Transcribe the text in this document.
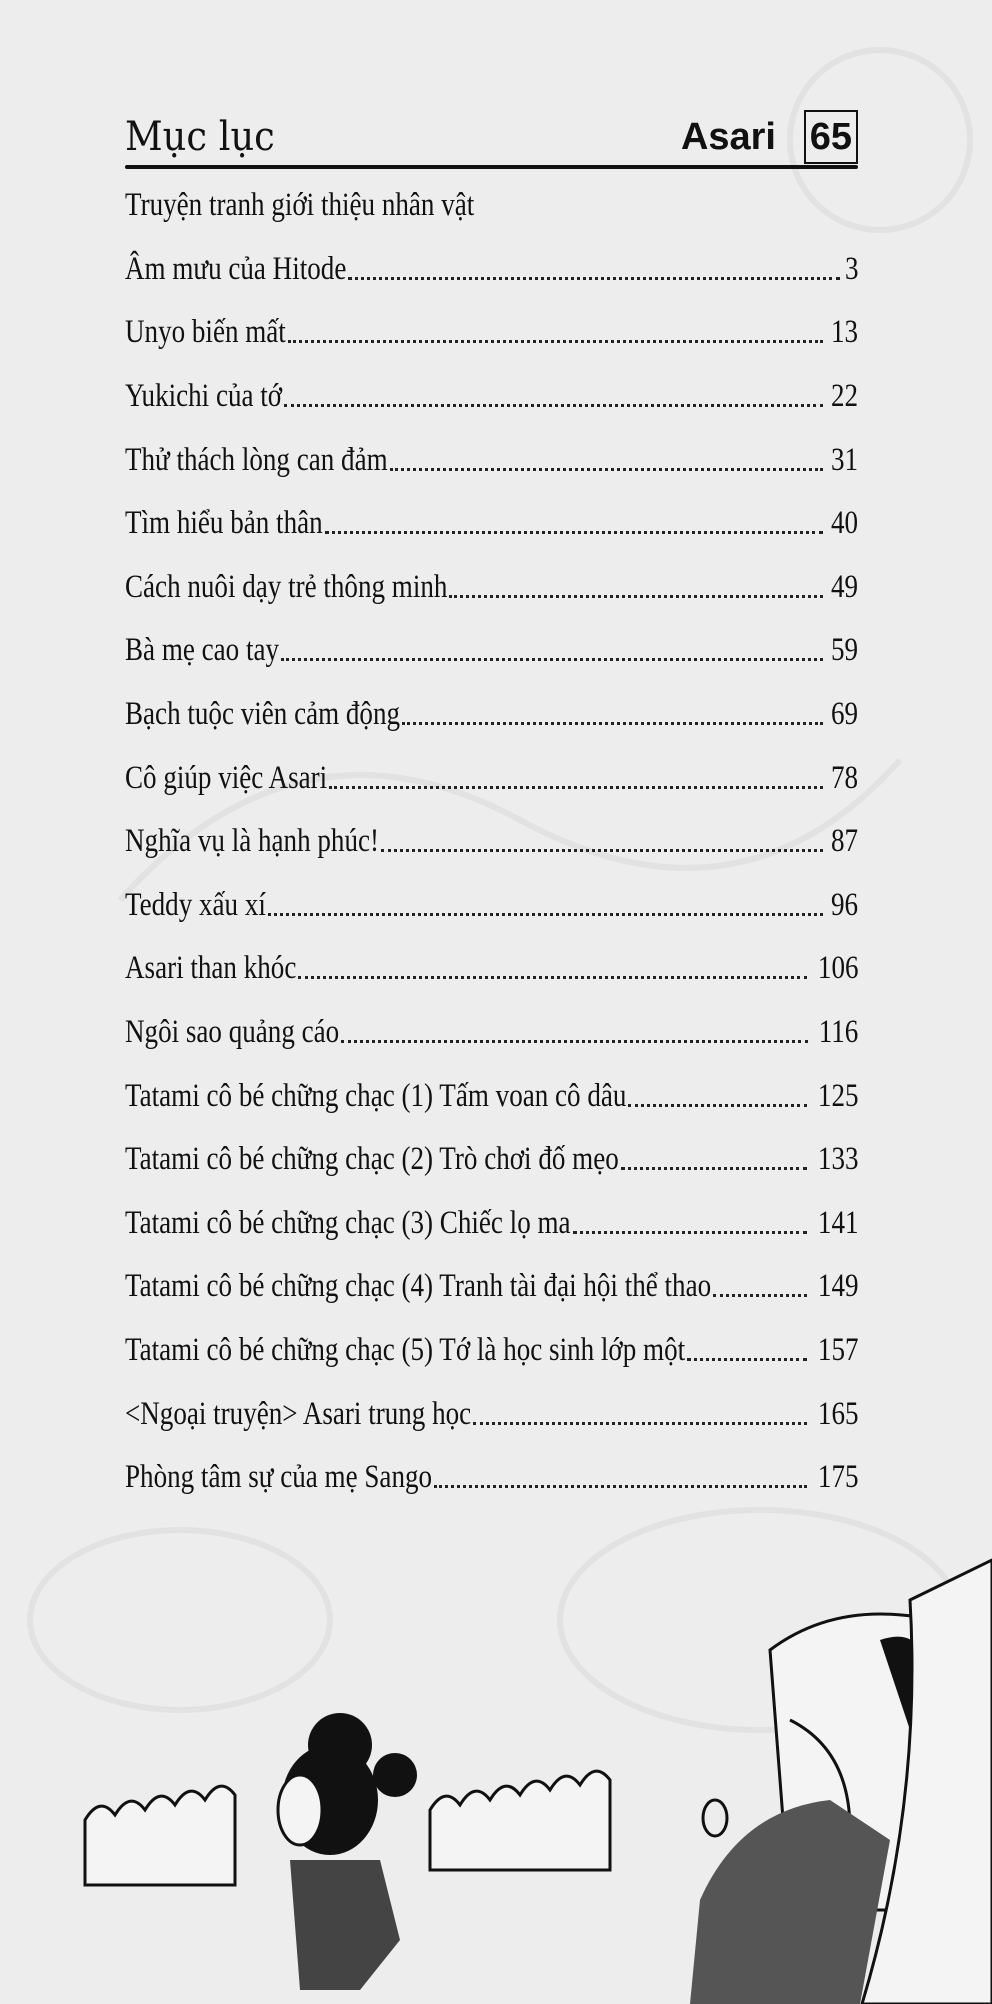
Mục lục	Asari 65
Truyện tranh giới thiệu nhân vật
Âm mưu của Hitode	3
Unyo biến mất	13
Yukichi của tớ	22
Thử thách lòng can đảm	31
Tìm hiểu bản thân	40
Cách nuôi dạy trẻ thông minh	49
Bà mẹ cao tay	59
Bạch tuộc viên cảm động	69
Cô giúp việc Asari	78
Nghĩa vụ là hạnh phúc!	87
Teddy xấu xí	96
Asari than khóc	106
Ngôi sao quảng cáo	116
Tatami cô bé chững chạc (1) Tấm voan cô dâu	125
Tatami cô bé chững chạc (2) Trò chơi đố mẹo	133
Tatami cô bé chững chạc (3) Chiếc lọ ma	141
Tatami cô bé chững chạc (4) Tranh tài đại hội thể thao	149
Tatami cô bé chững chạc (5) Tớ là học sinh lớp một	157
<Ngoại truyện> Asari trung học	165
Phòng tâm sự của mẹ Sango	175
